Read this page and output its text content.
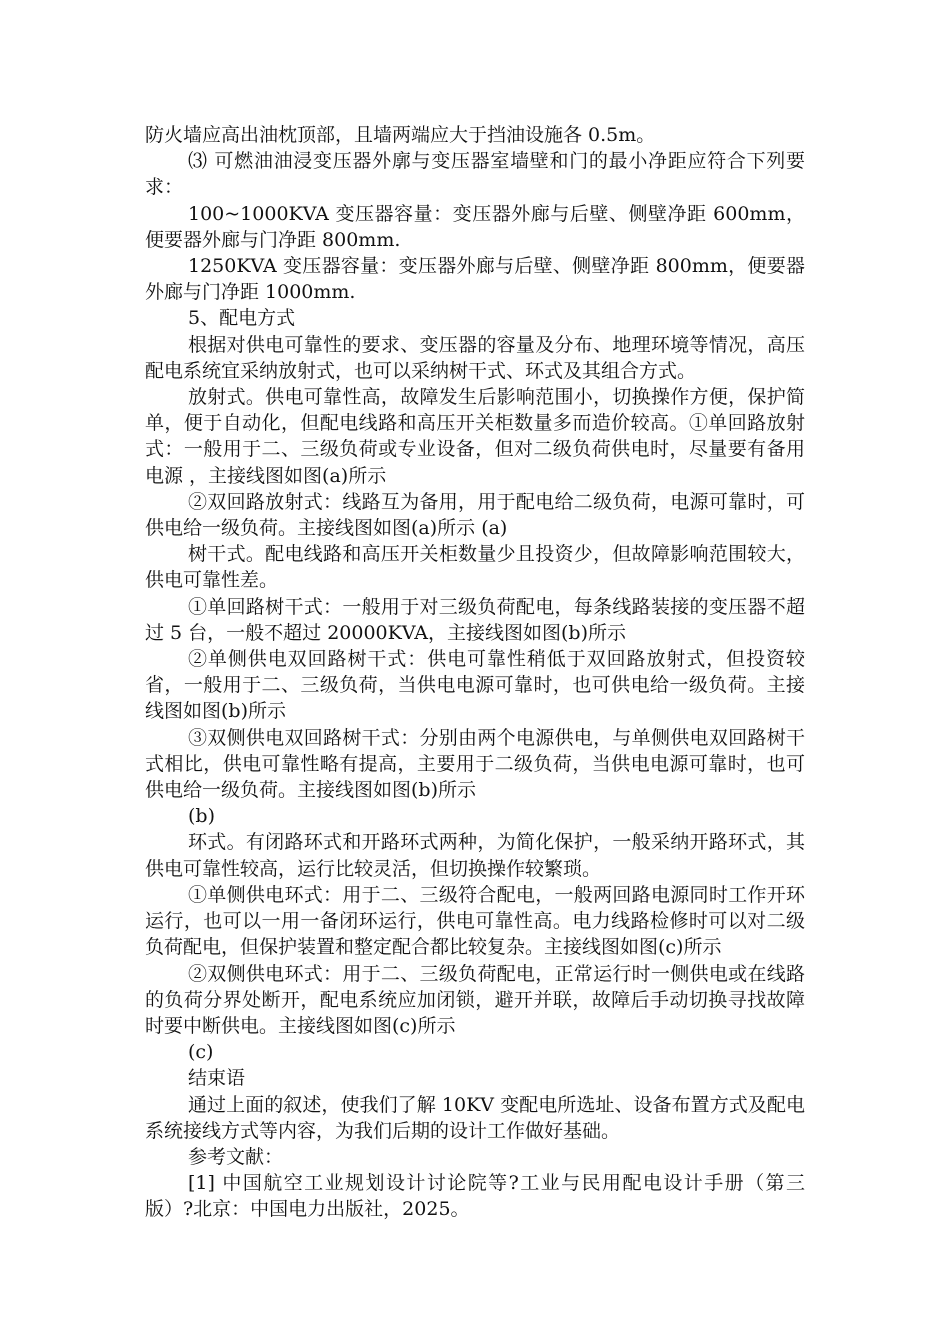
防火墙应高出油枕顶部，且墙两端应大于挡油设施各 0.5m。

⑶ 可燃油油浸变压器外廓与变压器室墙壁和门的最小净距应符合下列要求：

100~1000KVA 变压器容量：变压器外廊与后壁、侧壁净距 600mm，便要器外廊与门净距 800mm.

1250KVA 变压器容量：变压器外廊与后壁、侧壁净距 800mm，便要器外廊与门净距 1000mm.

5、配电方式

根据对供电可靠性的要求、变压器的容量及分布、地理环境等情况，高压配电系统宜采纳放射式，也可以采纳树干式、环式及其组合方式。

放射式。供电可靠性高，故障发生后影响范围小，切换操作方便，保护简单，便于自动化，但配电线路和高压开关柜数量多而造价较高。①单回路放射式：一般用于二、三级负荷或专业设备，但对二级负荷供电时，尽量要有备用电源 ，主接线图如图(a)所示

②双回路放射式：线路互为备用，用于配电给二级负荷，电源可靠时，可供电给一级负荷。主接线图如图(a)所示 (a)

树干式。配电线路和高压开关柜数量少且投资少，但故障影响范围较大，供电可靠性差。

①单回路树干式：一般用于对三级负荷配电，每条线路装接的变压器不超过 5 台，一般不超过 20000KVA，主接线图如图(b)所示

②单侧供电双回路树干式：供电可靠性稍低于双回路放射式，但投资较省，一般用于二、三级负荷，当供电电源可靠时，也可供电给一级负荷。主接线图如图(b)所示

③双侧供电双回路树干式：分别由两个电源供电，与单侧供电双回路树干式相比，供电可靠性略有提高，主要用于二级负荷，当供电电源可靠时，也可供电给一级负荷。主接线图如图(b)所示

(b)

环式。有闭路环式和开路环式两种，为简化保护，一般采纳开路环式，其供电可靠性较高，运行比较灵活，但切换操作较繁琐。

①单侧供电环式：用于二、三级符合配电，一般两回路电源同时工作开环运行，也可以一用一备闭环运行，供电可靠性高。电力线路检修时可以对二级负荷配电，但保护装置和整定配合都比较复杂。主接线图如图(c)所示

②双侧供电环式：用于二、三级负荷配电，正常运行时一侧供电或在线路的负荷分界处断开，配电系统应加闭锁，避开并联，故障后手动切换寻找故障时要中断供电。主接线图如图(c)所示

(c)

结束语

通过上面的叙述，使我们了解 10KV 变配电所选址、设备布置方式及配电系统接线方式等内容，为我们后期的设计工作做好基础。

参考文献：

[1] 中国航空工业规划设计讨论院等?工业与民用配电设计手册（第三版）?北京：中国电力出版社，2025。
